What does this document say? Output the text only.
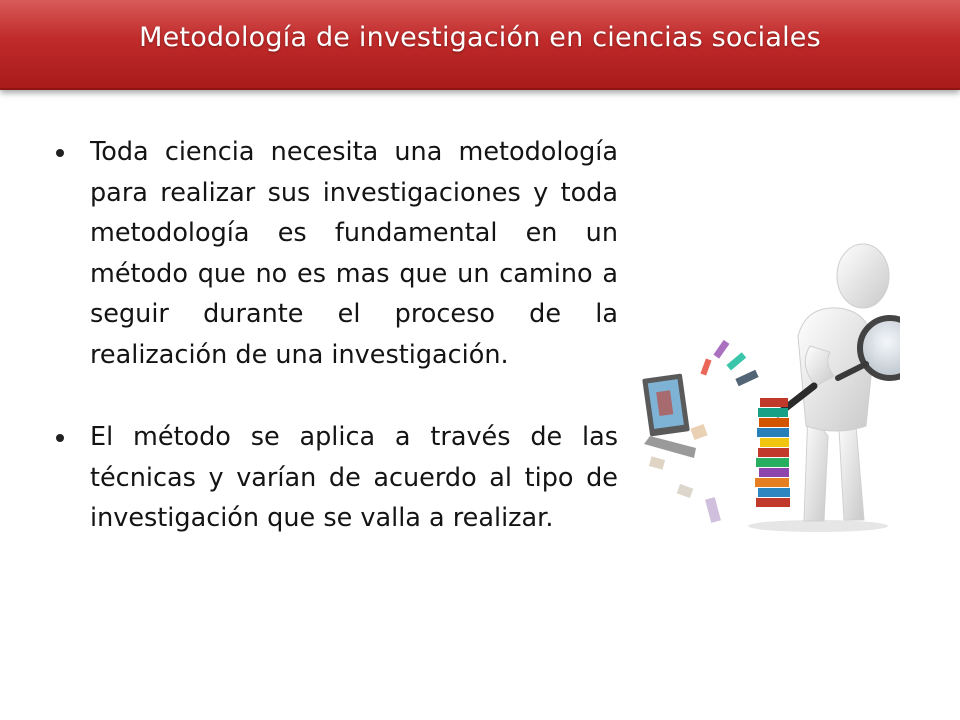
Metodología de investigación en ciencias sociales

Toda ciencia necesita una metodología para realizar sus investigaciones y toda metodología es fundamental en un método que no es mas que un camino a seguir durante el proceso de la realización de una investigación.

El método se aplica a través de las técnicas y varían de acuerdo al tipo de investigación que se valla a realizar.
